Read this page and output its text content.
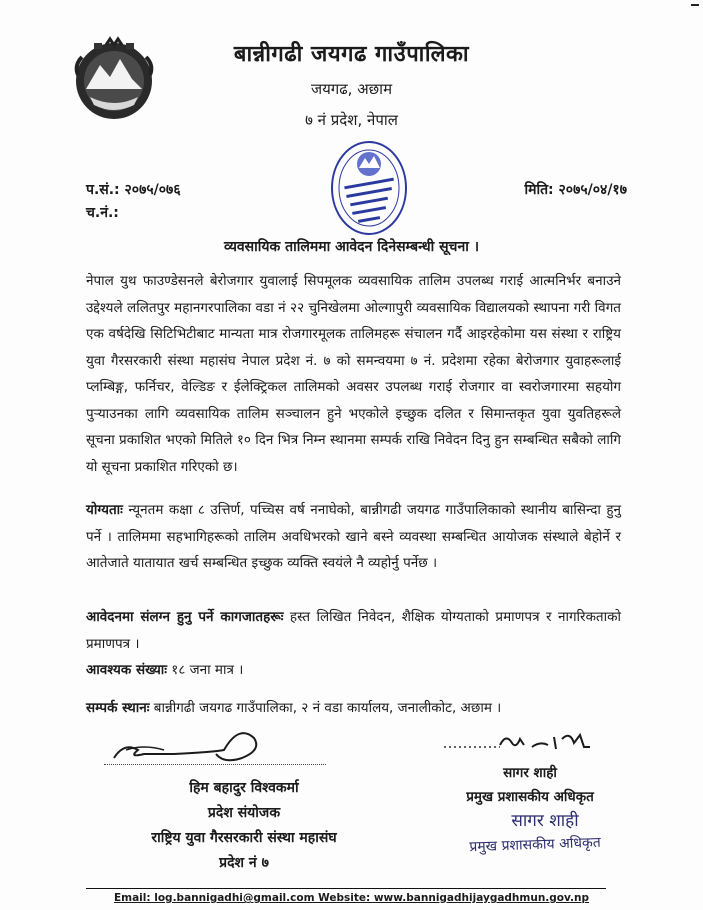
बान्नीगढी जयगढ गाउँपालिका
जयगढ, अछाम
७ नं प्रदेश, नेपाल
प.सं.: २०७५/०७६
च.नं.:
मिति: २०७५/०४/१७
व्यवसायिक तालिममा आवेदन दिनेसम्बन्धी सूचना ।

नेपाल युथ फाउण्डेसनले बेरोजगार युवालाई सिपमूलक व्यवसायिक तालिम उपलब्ध गराई आत्मनिर्भर बनाउने उद्देश्यले ललितपुर महानगरपालिका वडा नं २२ चुनिखेलमा ओल्गापुरी व्यवसायिक विद्यालयको स्थापना गरी विगत एक वर्षदेखि सिटिभिटीबाट मान्यता मात्र रोजगारमूलक तालिमहरू संचालन गर्दै आइरहेकोमा यस संस्था र राष्ट्रिय युवा गैरसरकारी संस्था महासंघ नेपाल प्रदेश नं. ७ को समन्वयमा ७ नं. प्रदेशमा रहेका बेरोजगार युवाहरूलाई प्लम्बिङ्ग, फर्निचर, वेल्डिङ र ईलेक्ट्रिकल तालिमको अवसर उपलब्ध गराई रोजगार वा स्वरोजगारमा सहयोग पुऱ्याउनका लागि व्यवसायिक तालिम सञ्चालन हुने भएकोले इच्छुक दलित र सिमान्तकृत युवा युवतिहरूले सूचना प्रकाशित भएको मितिले १० दिन भित्र निम्न स्थानमा सम्पर्क राखि निवेदन दिनु हुन सम्बन्धित सबैको लागि यो सूचना प्रकाशित गरिएको छ।

योग्यताः न्यूनतम कक्षा ८ उत्तिर्ण, पच्चिस वर्ष ननाघेको, बान्नीगढी जयगढ गाउँपालिकाको स्थानीय बासिन्दा हुनु पर्ने । तालिममा सहभागिहरूको तालिम अवधिभरको खाने बस्ने व्यवस्था सम्बन्धित आयोजक संस्थाले बेहोर्ने र आतेजाते यातायात खर्च सम्बन्धित इच्छुक व्यक्ति स्वयंले नै व्यहोर्नु पर्नेछ ।

आवेदनमा संलग्न हुनु पर्ने कागजातहरूः हस्त लिखित निवेदन, शैक्षिक योग्यताको प्रमाणपत्र र नागरिकताको प्रमाणपत्र ।

आवश्यक संख्याः १८ जना मात्र ।

सम्पर्क स्थानः बान्नीगढी जयगढ गाउँपालिका, २ नं वडा कार्यालय, जनालीकोट, अछाम ।

हिम बहादुर विश्वकर्मा
प्रदेश संयोजक
राष्ट्रिय युवा गैरसरकारी संस्था महासंघ
प्रदेश नं ७
सागर शाही
प्रमुख प्रशासकीय अधिकृत
सागर शाही
प्रमुख प्रशासकीय अधिकृत
Email: log.bannigadhi@gmail.com Website: www.bannigadhijaygadhmun.gov.np
